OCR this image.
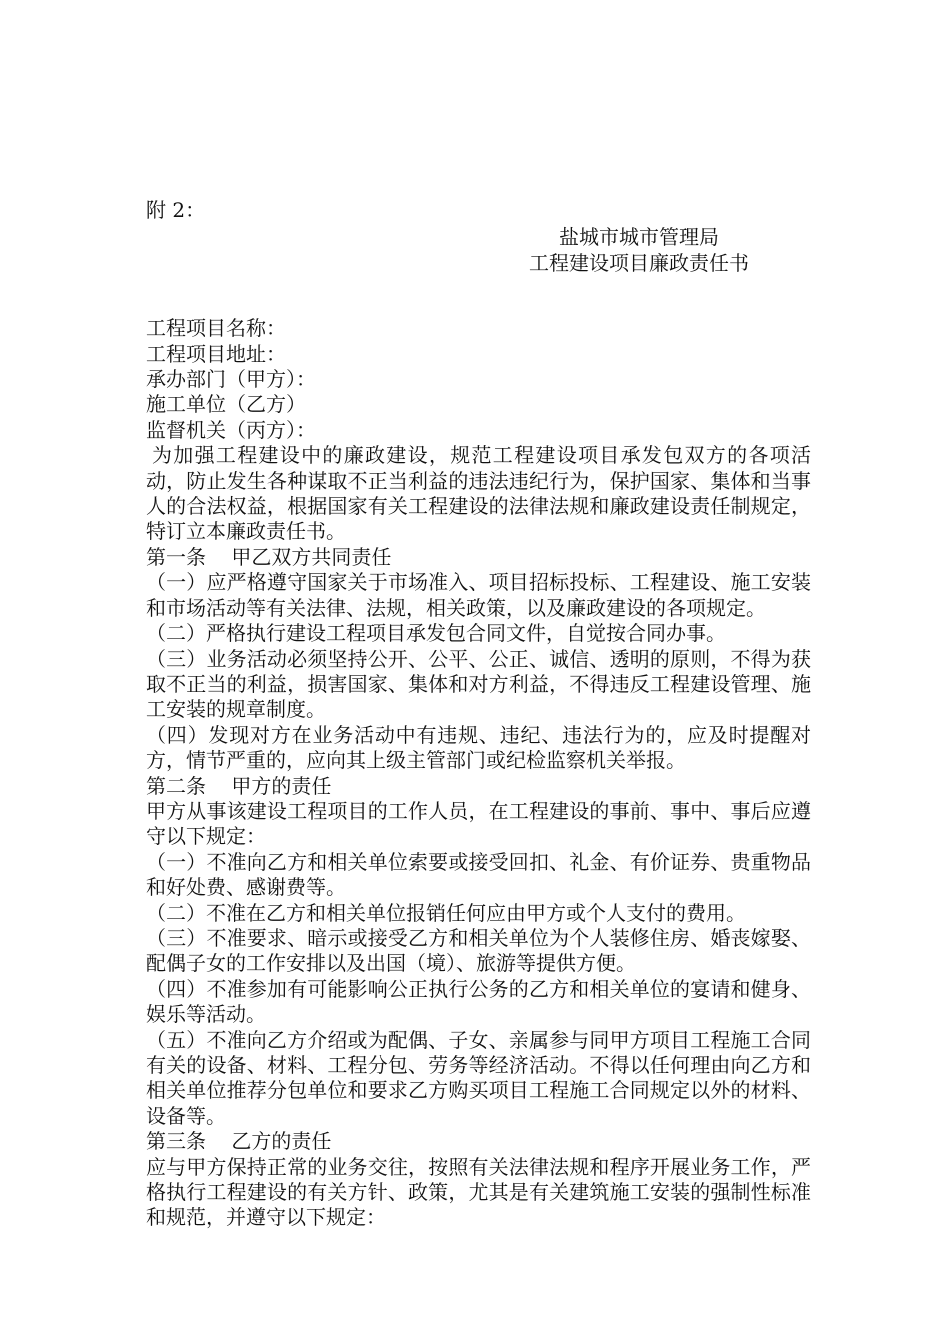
附 2：
盐城市城市管理局
工程建设项目廉政责任书
工程项目名称：
工程项目地址：
承办部门（甲方）：
施工单位（乙方）
监督机关（丙方）：
为加强工程建设中的廉政建设，规范工程建设项目承发包双方的各项活动，防止发生各种谋取不正当利益的违法违纪行为，保护国家、集体和当事人的合法权益，根据国家有关工程建设的法律法规和廉政建设责任制规定，特订立本廉政责任书。
第一条    甲乙双方共同责任
（一）应严格遵守国家关于市场准入、项目招标投标、工程建设、施工安装和市场活动等有关法律、法规，相关政策，以及廉政建设的各项规定。
（二）严格执行建设工程项目承发包合同文件，自觉按合同办事。
（三）业务活动必须坚持公开、公平、公正、诚信、透明的原则，不得为获取不正当的利益，损害国家、集体和对方利益，不得违反工程建设管理、施工安装的规章制度。
（四）发现对方在业务活动中有违规、违纪、违法行为的，应及时提醒对方，情节严重的，应向其上级主管部门或纪检监察机关举报。
第二条    甲方的责任
甲方从事该建设工程项目的工作人员，在工程建设的事前、事中、事后应遵守以下规定：
（一）不准向乙方和相关单位索要或接受回扣、礼金、有价证券、贵重物品和好处费、感谢费等。
（二）不准在乙方和相关单位报销任何应由甲方或个人支付的费用。
（三）不准要求、暗示或接受乙方和相关单位为个人装修住房、婚丧嫁娶、配偶子女的工作安排以及出国（境）、旅游等提供方便。
（四）不准参加有可能影响公正执行公务的乙方和相关单位的宴请和健身、娱乐等活动。
（五）不准向乙方介绍或为配偶、子女、亲属参与同甲方项目工程施工合同有关的设备、材料、工程分包、劳务等经济活动。不得以任何理由向乙方和相关单位推荐分包单位和要求乙方购买项目工程施工合同规定以外的材料、设备等。
第三条    乙方的责任
应与甲方保持正常的业务交往，按照有关法律法规和程序开展业务工作，严格执行工程建设的有关方针、政策，尤其是有关建筑施工安装的强制性标准和规范，并遵守以下规定：
